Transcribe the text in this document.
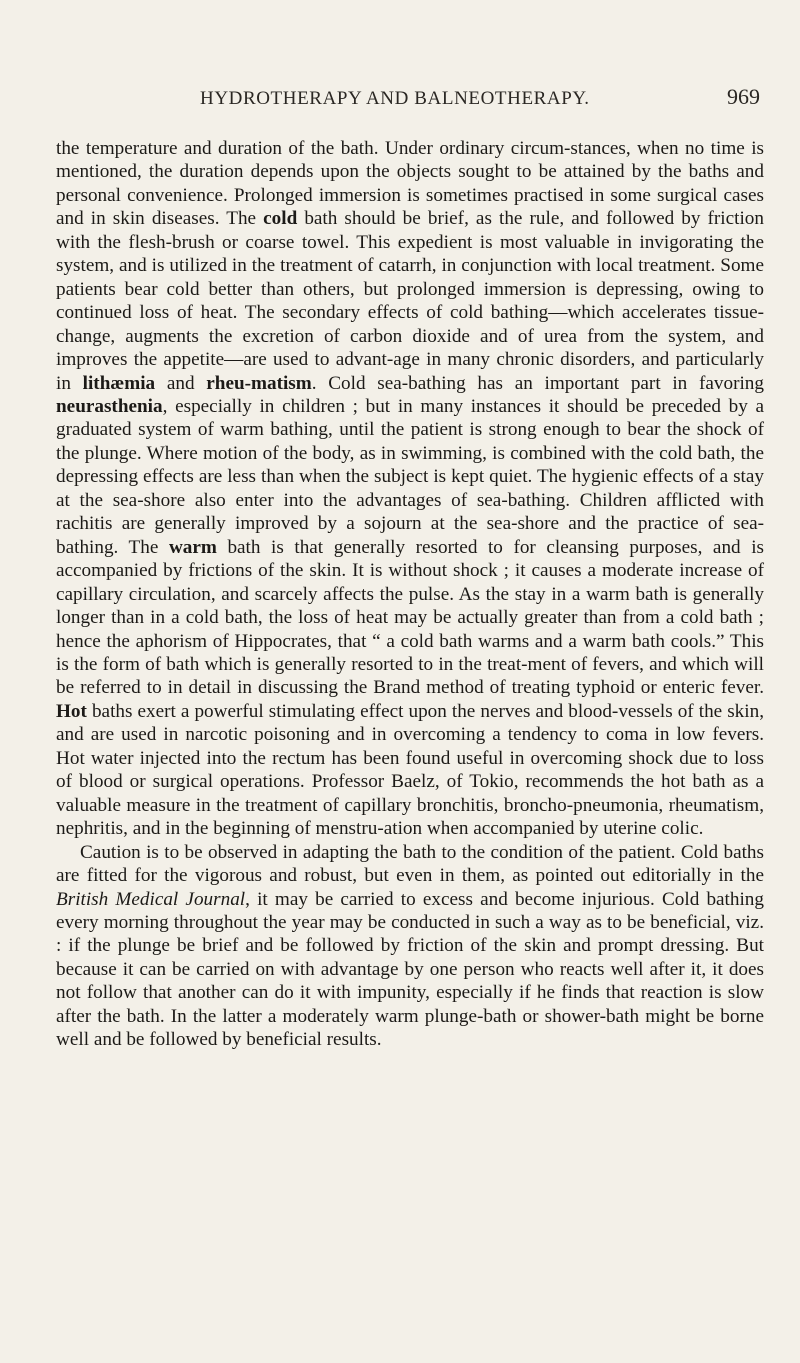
HYDROTHERAPY AND BALNEOTHERAPY.	969

the temperature and duration of the bath. Under ordinary circum-stances, when no time is mentioned, the duration depends upon the objects sought to be attained by the baths and personal convenience. Prolonged immersion is sometimes practised in some surgical cases and in skin diseases. The cold bath should be brief, as the rule, and followed by friction with the flesh-brush or coarse towel. This expedient is most valuable in invigorating the system, and is utilized in the treatment of catarrh, in conjunction with local treatment. Some patients bear cold better than others, but prolonged immersion is depressing, owing to continued loss of heat. The secondary effects of cold bathing—which accelerates tissue-change, augments the excretion of carbon dioxide and of urea from the system, and improves the appetite—are used to advant-age in many chronic disorders, and particularly in lithæmia and rheu-matism. Cold sea-bathing has an important part in favoring neurasthenia, especially in children ; but in many instances it should be preceded by a graduated system of warm bathing, until the patient is strong enough to bear the shock of the plunge. Where motion of the body, as in swimming, is combined with the cold bath, the depressing effects are less than when the subject is kept quiet. The hygienic effects of a stay at the sea-shore also enter into the advantages of sea-bathing. Children afflicted with rachitis are generally improved by a sojourn at the sea-shore and the practice of sea-bathing. The warm bath is that generally resorted to for cleansing purposes, and is accompanied by frictions of the skin. It is without shock ; it causes a moderate increase of capillary circulation, and scarcely affects the pulse. As the stay in a warm bath is generally longer than in a cold bath, the loss of heat may be actually greater than from a cold bath ; hence the aphorism of Hippocrates, that “ a cold bath warms and a warm bath cools.” This is the form of bath which is generally resorted to in the treat-ment of fevers, and which will be referred to in detail in discussing the Brand method of treating typhoid or enteric fever. Hot baths exert a powerful stimulating effect upon the nerves and blood-vessels of the skin, and are used in narcotic poisoning and in overcoming a tendency to coma in low fevers. Hot water injected into the rectum has been found useful in overcoming shock due to loss of blood or surgical operations. Professor Baelz, of Tokio, recommends the hot bath as a valuable measure in the treatment of capillary bronchitis, broncho-pneumonia, rheumatism, nephritis, and in the beginning of menstru-ation when accompanied by uterine colic.

Caution is to be observed in adapting the bath to the condition of the patient. Cold baths are fitted for the vigorous and robust, but even in them, as pointed out editorially in the British Medical Journal, it may be carried to excess and become injurious. Cold bathing every morning throughout the year may be conducted in such a way as to be beneficial, viz. : if the plunge be brief and be followed by friction of the skin and prompt dressing. But because it can be carried on with advantage by one person who reacts well after it, it does not follow that another can do it with impunity, especially if he finds that reaction is slow after the bath. In the latter a moderately warm plunge-bath or shower-bath might be borne well and be followed by beneficial results.
